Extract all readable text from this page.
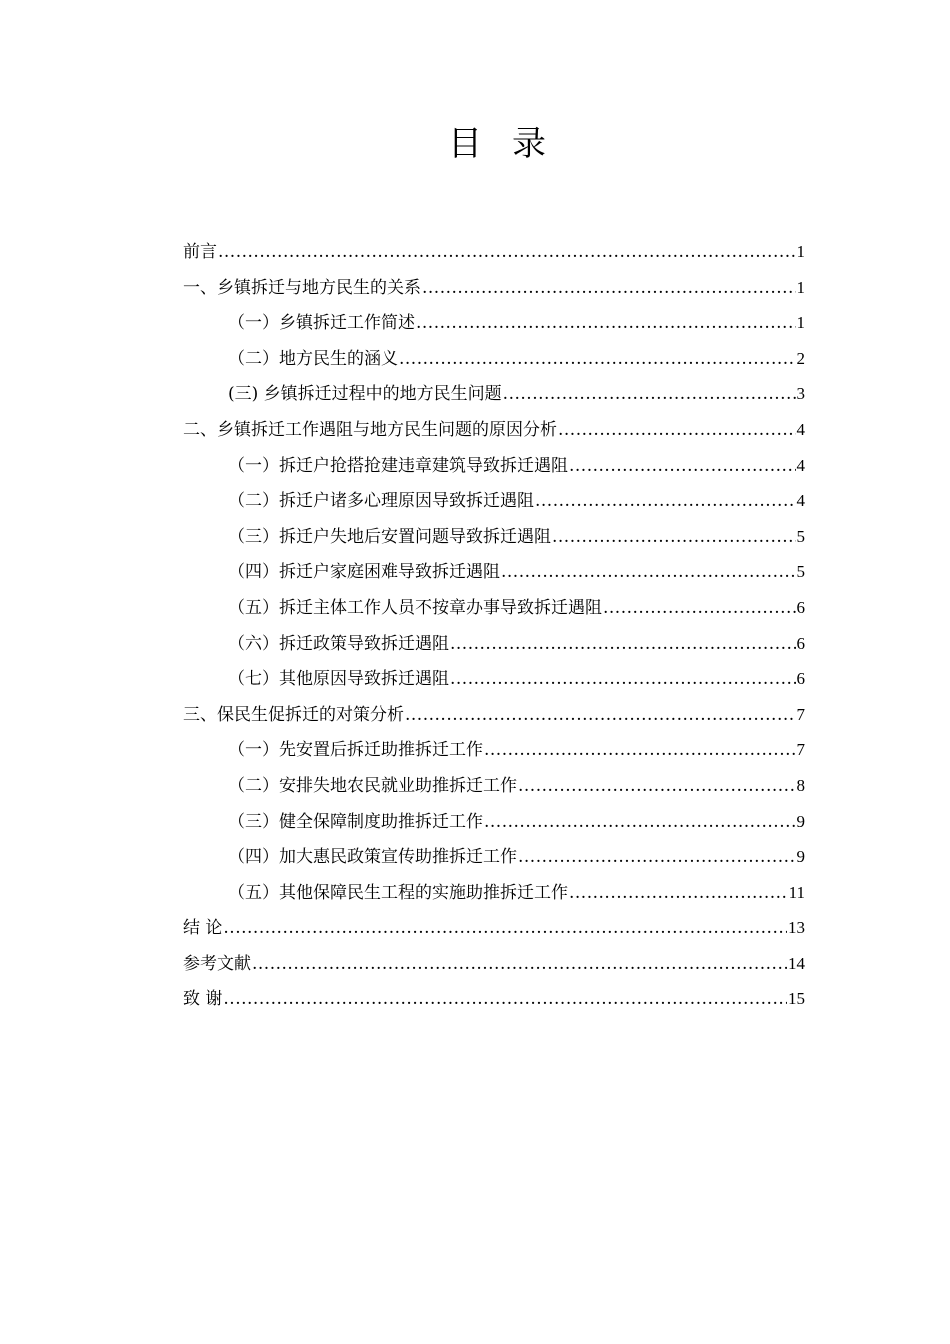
目录
前言 .....	1
一、乡镇拆迁与地方民生的关系 .....	1
（一）乡镇拆迁工作简述 .....	1
（二）地方民生的涵义 .....	2
(三) 乡镇拆迁过程中的地方民生问题 .....	3
二、乡镇拆迁工作遇阻与地方民生问题的原因分析 .....	4
（一）拆迁户抢搭抢建违章建筑导致拆迁遇阻 .....	4
（二）拆迁户诸多心理原因导致拆迁遇阻 .....	4
（三）拆迁户失地后安置问题导致拆迁遇阻 .....	5
（四）拆迁户家庭困难导致拆迁遇阻 .....	5
（五）拆迁主体工作人员不按章办事导致拆迁遇阻 .....	6
（六）拆迁政策导致拆迁遇阻 .....	6
（七）其他原因导致拆迁遇阻 .....	6
三、保民生促拆迁的对策分析 .....	7
（一）先安置后拆迁助推拆迁工作 .....	7
（二）安排失地农民就业助推拆迁工作 .....	8
（三）健全保障制度助推拆迁工作 .....	9
（四）加大惠民政策宣传助推拆迁工作 .....	9
（五）其他保障民生工程的实施助推拆迁工作 .....	11
结 论 .....	13
参考文献 .....	14
致 谢 .....	15
